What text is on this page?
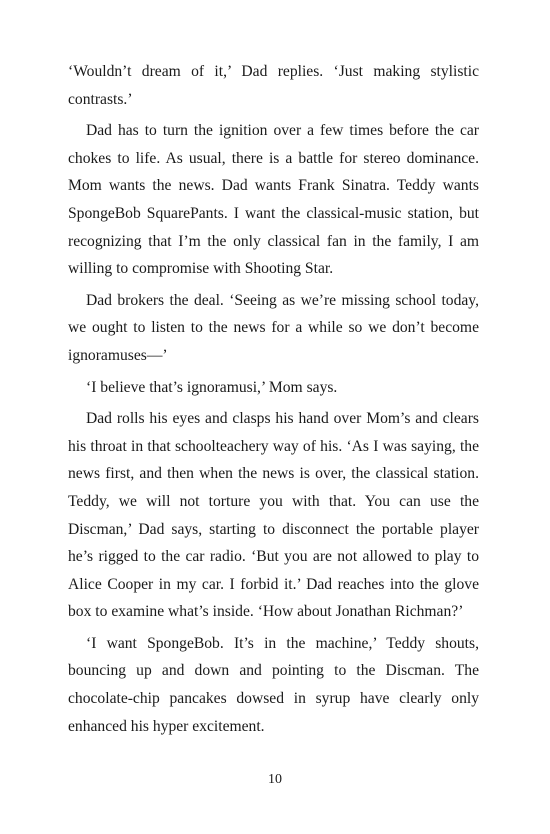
‘Wouldn’t dream of it,’ Dad replies. ‘Just making stylistic contrasts.’

Dad has to turn the ignition over a few times before the car chokes to life. As usual, there is a battle for stereo dominance. Mom wants the news. Dad wants Frank Sinatra. Teddy wants SpongeBob SquarePants. I want the classical-music station, but recognizing that I’m the only classical fan in the family, I am willing to compromise with Shooting Star.

Dad brokers the deal. ‘Seeing as we’re missing school today, we ought to listen to the news for a while so we don’t become ignoramuses—’

‘I believe that’s ignoramusi,’ Mom says.

Dad rolls his eyes and clasps his hand over Mom’s and clears his throat in that schoolteachery way of his. ‘As I was saying, the news first, and then when the news is over, the classical station. Teddy, we will not torture you with that. You can use the Discman,’ Dad says, starting to disconnect the portable player he’s rigged to the car radio. ‘But you are not allowed to play to Alice Cooper in my car. I forbid it.’ Dad reaches into the glove box to examine what’s inside. ‘How about Jonathan Richman?’

‘I want SpongeBob. It’s in the machine,’ Teddy shouts, bouncing up and down and pointing to the Discman. The chocolate-chip pancakes dowsed in syrup have clearly only enhanced his hyper excitement.

10
